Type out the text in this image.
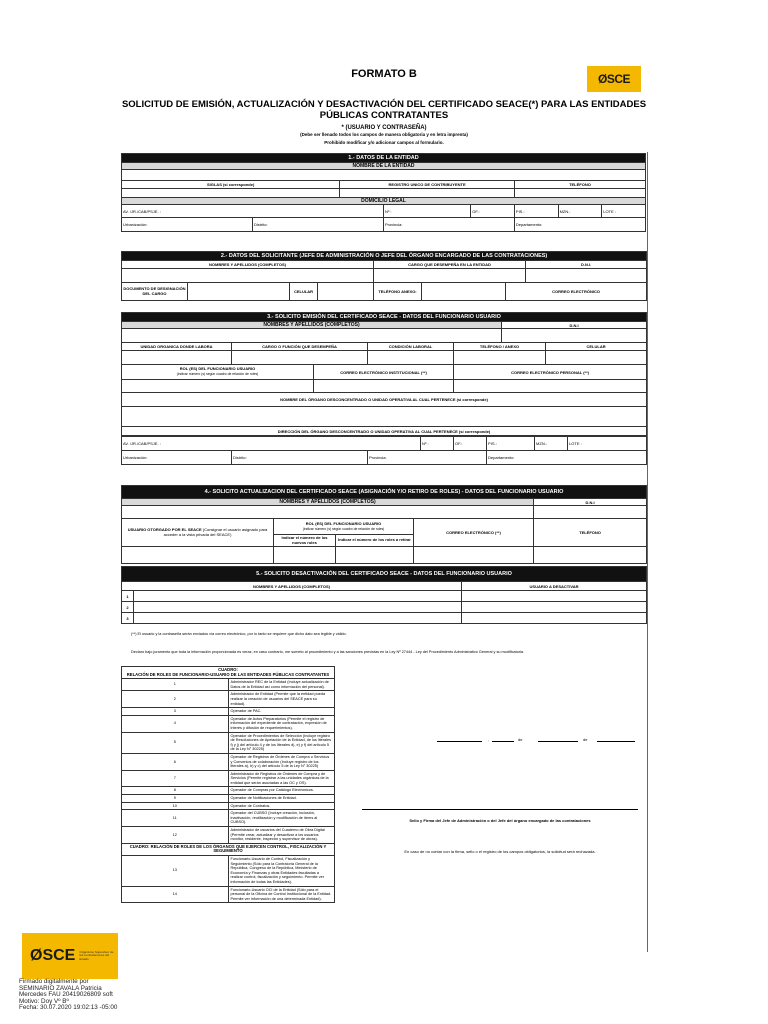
FORMATO B	ØSCE
SOLICITUD DE EMISIÓN, ACTUALIZACIÓN Y DESACTIVACIÓN DEL CERTIFICADO SEACE(*) PARA LAS ENTIDADES
PÚBLICAS CONTRATANTES
* (USUARIO Y CONTRASEÑA)
(Debe ser llenado todos los campos de manera obligatoria y en letra imprenta)
Prohibido modificar y/o adicionar campos al formulario.
1.- DATOS DE LA ENTIDAD							
NOMBRE DE LA ENTIDAD							

SIGLAS (si corresponde)		REGISTRO UNICO DE CONTRIBUYENTE			TELÉFONO		

DOMICILIO LEGAL							
AV. /JR./CAB/PSJE. :			Nº :	OF.:	PIS.:	MZN.:	LOTE :
Urbanización:	Distrito:		Provincia:		Departamento:		
2.- DATOS DEL SOLICITANTE (JEFE DE ADMINISTRACIÓN O JEFE DEL ÓRGANO ENCARGADO DE LAS CONTRATACIONES)							
NOMBRES Y APELLIDOS (COMPLETOS)				CARGO QUE DESEMPEÑA EN LA ENTIDAD			D.N.I.

DOCUMENTO DE DESIGNACIÓN DEL CARGO		CELULAR		TELÉFONO ANEXO:		CORREO ELECTRÓNICO	
3.- SOLICITO EMISIÓN DEL CERTIFICADO SEACE - DATOS DEL FUNCIONARIO USUARIO						
NOMBRES Y APELLIDOS (COMPLETOS)					D.N.I	

UNIDAD ORGANICA DONDE LABORA	CARGO O FUNCIÓN QUE DESEMPEÑA		CONDICIÓN LABORAL	TELÉFONO / ANEXO		CELULAR

ROL (ES) DEL FUNCIONARIO USUARIO
(indicar número (s) según cuadro de relación de roles)		CORREO ELECTRÓNICO INSTITUCIONAL (**)		CORREO ELECTRÓNICO PERSONAL (**)		

NOMBRE DEL ÓRGANO DESCONCENTRADO O UNIDAD OPERATIVA AL CUAL PERTENECE (si corresponde)						

DIRECCIÓN DEL ÓRGANO DESCONCENTRADO O UNIDAD OPERATIVA AL CUAL PERTENECE (si corresponde)						
AV. /JR./CAB/PSJE. :			Nº :	OF.:	PIS.:	MZN.:	LOTE :
Urbanización:	Distrito:	Provincia:			Departamento:		
4.- SOLICITO ACTUALIZACION DEL CERTIFICADO SEACE (ASIGNACIÓN Y/O RETIRO DE ROLES) - DATOS DEL FUNCIONARIO USUARIO				
NOMBRES Y APELLIDOS (COMPLETOS)				D.N.I

USUARIO OTORGADO POR EL SEACE (Consignar el usuario asignado para acceder a la vista privada del SEACE)	ROL (ES) DEL FUNCIONARIO USUARIO
(indicar número (s) según cuadro de relación de roles)		CORREO ELECTRÓNICO (**)	TELÉFONO
	Indicar el número de los nuevos roles	Indicar el número de los roles a retirar		

5.- SOLICITO DESACTIVACIÓN DEL CERTIFICADO SEACE - DATOS DEL FUNCIONARIO USUARIO		
NOMBRES Y APELLIDOS (COMPLETOS)		USUARIO A DESACTIVAR
1		
2		
3		
(**) El usuario y la contraseña serán enviados vía correo electrónico, por lo tanto se requiere que dicho dato sea legible y válido.
Declaro bajo juramento que toda la información proporcionada es veraz, en caso contrario, me someto al procedimiento y a las sanciones previstas en la Ley Nº 27444 - Ley del Procedimiento Administrativo General y su modificatoria.
CUADRO:
RELACIÓN DE ROLES DE FUNCIONARIO-USUARIO DE LAS ENTIDADES PÚBLICAS CONTRATANTES	

1	Administrador REC de la Entidad (Incluye actualización de Datos de la Entidad así como información del personal).
2	Administrador de Entidad (Permite que la entidad pueda realizar la creación de usuarios del SEACE para su entidad).
3	Operador de PAC.
4	Operador de Actos Preparatorios (Permite el registro de información del expediente de contratación, expresión de interés y difusión de requerimientos).
5	Operador de Procedimientos de Selección (Incluye registro de Resoluciones de Apelación de la Entidad, de los literales f) y j) del artículo 4 y de los literales d), e) y f) del artículo 5 de la Ley N° 30225)
6	Operador de Registros de Órdenes de Compra o Servicios y Convenios de colaboración (Incluye registro de los literales a), b) y c) del artículo 5 de la Ley N° 30225)
7	Administrador de Registros de Órdenes de Compra y de Servicios (Permite registrar a las unidades orgánicas de la entidad que serán asociadas a las OC y OS).
8	Operador de Compras por Catálogo Electronicos.
9	Operador de Notificaciones de Entidad.
10	Operador de Contratos.
11	Operador del CUBSO (Incluye creación, inclusión, inactivación, reutilización y modificación de ítems al CUBSO).
12	Administrador de usuarios del Cuaderno de Obra Digital (Permite crear, actualizar y desactivar a los usuarios monitor, residente, inspector y supervisor de obras).
CUADRO: RELACIÓN DE ROLES DE LOS ÓRGANOS QUE EJERCEN CONTROL, FISCALIZACIÓN Y SEGUIMIENTO	
13	Funcionario-Usuario de Control, Fiscalización y Seguimiento (Sólo para la Contraloría General de la República, Congreso de la República, Ministerio de Economía y Finanzas y otras Entidades facultadas a realizar control, fiscalización y seguimiento. Permite ver información de todas las Entidades).
14	Funcionario-Usuario OCI de la Entidad (Sólo para el personal de la Oficina de Control Institucional de la Entidad. Permite ver información de una determinada Entidad).
,	de	de
Sello y Firma del Jefe de Administración o del Jefe del órgano encargado de las contrataciones
En caso de no contar con la firma, sello o el registro de los campos obligatorios, la solicitud será rechazada.
ØSCE Organismo Supervisor de las Contrataciones del Estado
Firmado digitalmente por
SEMINARIO ZAVALA Patricia
Mercedes FAU 20419026809 soft
Motivo: Doy Vº Bº
Fecha: 30.07.2020 19:02:13 -05:00
